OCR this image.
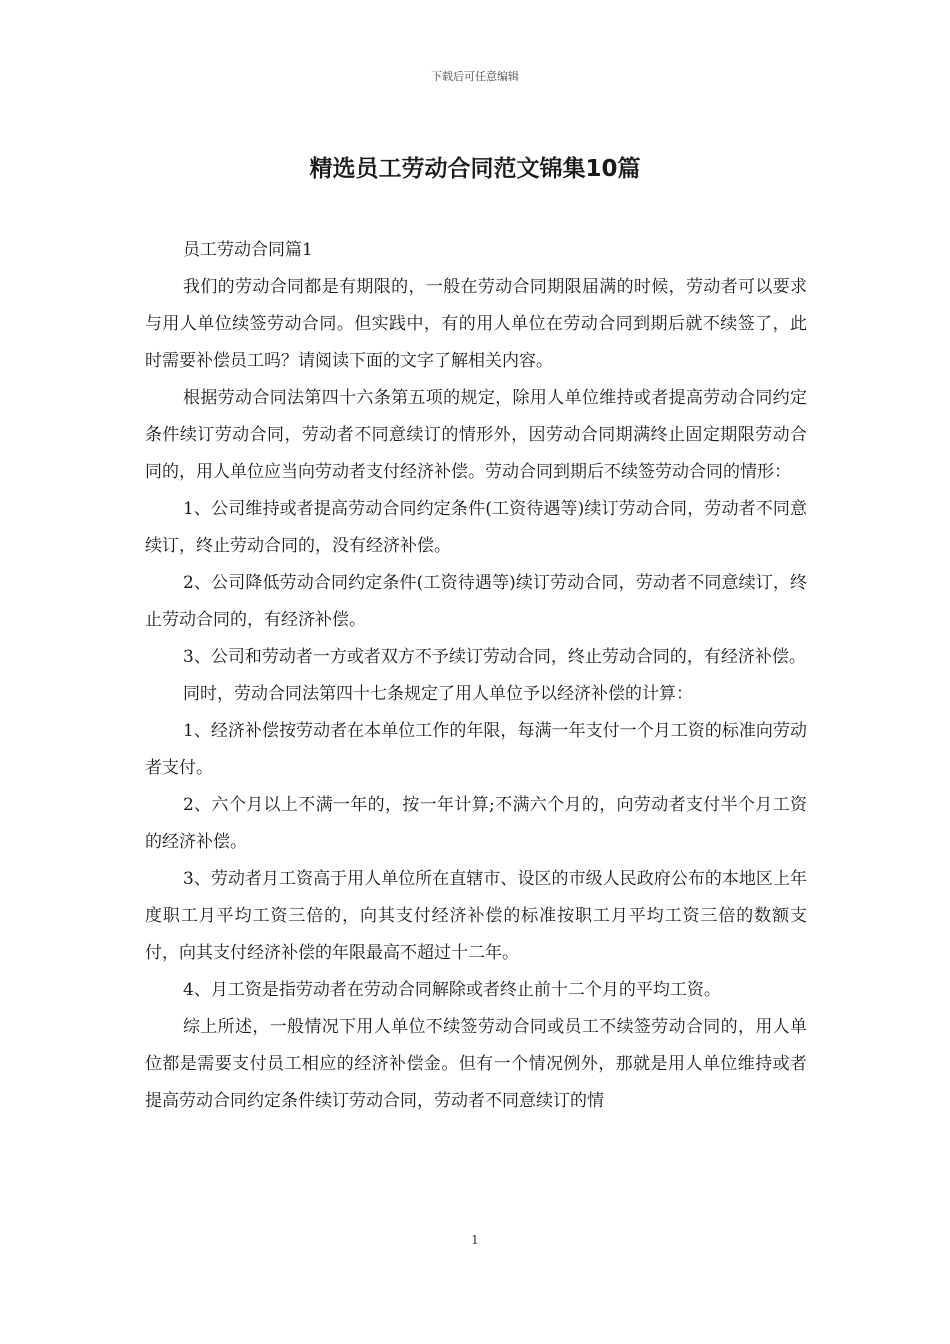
下载后可任意编辑
精选员工劳动合同范文锦集10篇

员工劳动合同篇1

我们的劳动合同都是有期限的，一般在劳动合同期限届满的时候，劳动者可以要求与用人单位续签劳动合同。但实践中，有的用人单位在劳动合同到期后就不续签了，此时需要补偿员工吗？请阅读下面的文字了解相关内容。

根据劳动合同法第四十六条第五项的规定，除用人单位维持或者提高劳动合同约定条件续订劳动合同，劳动者不同意续订的情形外，因劳动合同期满终止固定期限劳动合同的，用人单位应当向劳动者支付经济补偿。劳动合同到期后不续签劳动合同的情形：

1、公司维持或者提高劳动合同约定条件(工资待遇等)续订劳动合同，劳动者不同意续订，终止劳动合同的，没有经济补偿。

2、公司降低劳动合同约定条件(工资待遇等)续订劳动合同，劳动者不同意续订，终止劳动合同的，有经济补偿。

3、公司和劳动者一方或者双方不予续订劳动合同，终止劳动合同的，有经济补偿。

同时，劳动合同法第四十七条规定了用人单位予以经济补偿的计算：

1、经济补偿按劳动者在本单位工作的年限，每满一年支付一个月工资的标准向劳动者支付。

2、六个月以上不满一年的，按一年计算;不满六个月的，向劳动者支付半个月工资的经济补偿。

3、劳动者月工资高于用人单位所在直辖市、设区的市级人民政府公布的本地区上年度职工月平均工资三倍的，向其支付经济补偿的标准按职工月平均工资三倍的数额支付，向其支付经济补偿的年限最高不超过十二年。

4、月工资是指劳动者在劳动合同解除或者终止前十二个月的平均工资。

综上所述，一般情况下用人单位不续签劳动合同或员工不续签劳动合同的，用人单位都是需要支付员工相应的经济补偿金。但有一个情况例外，那就是用人单位维持或者提高劳动合同约定条件续订劳动合同，劳动者不同意续订的情

1
